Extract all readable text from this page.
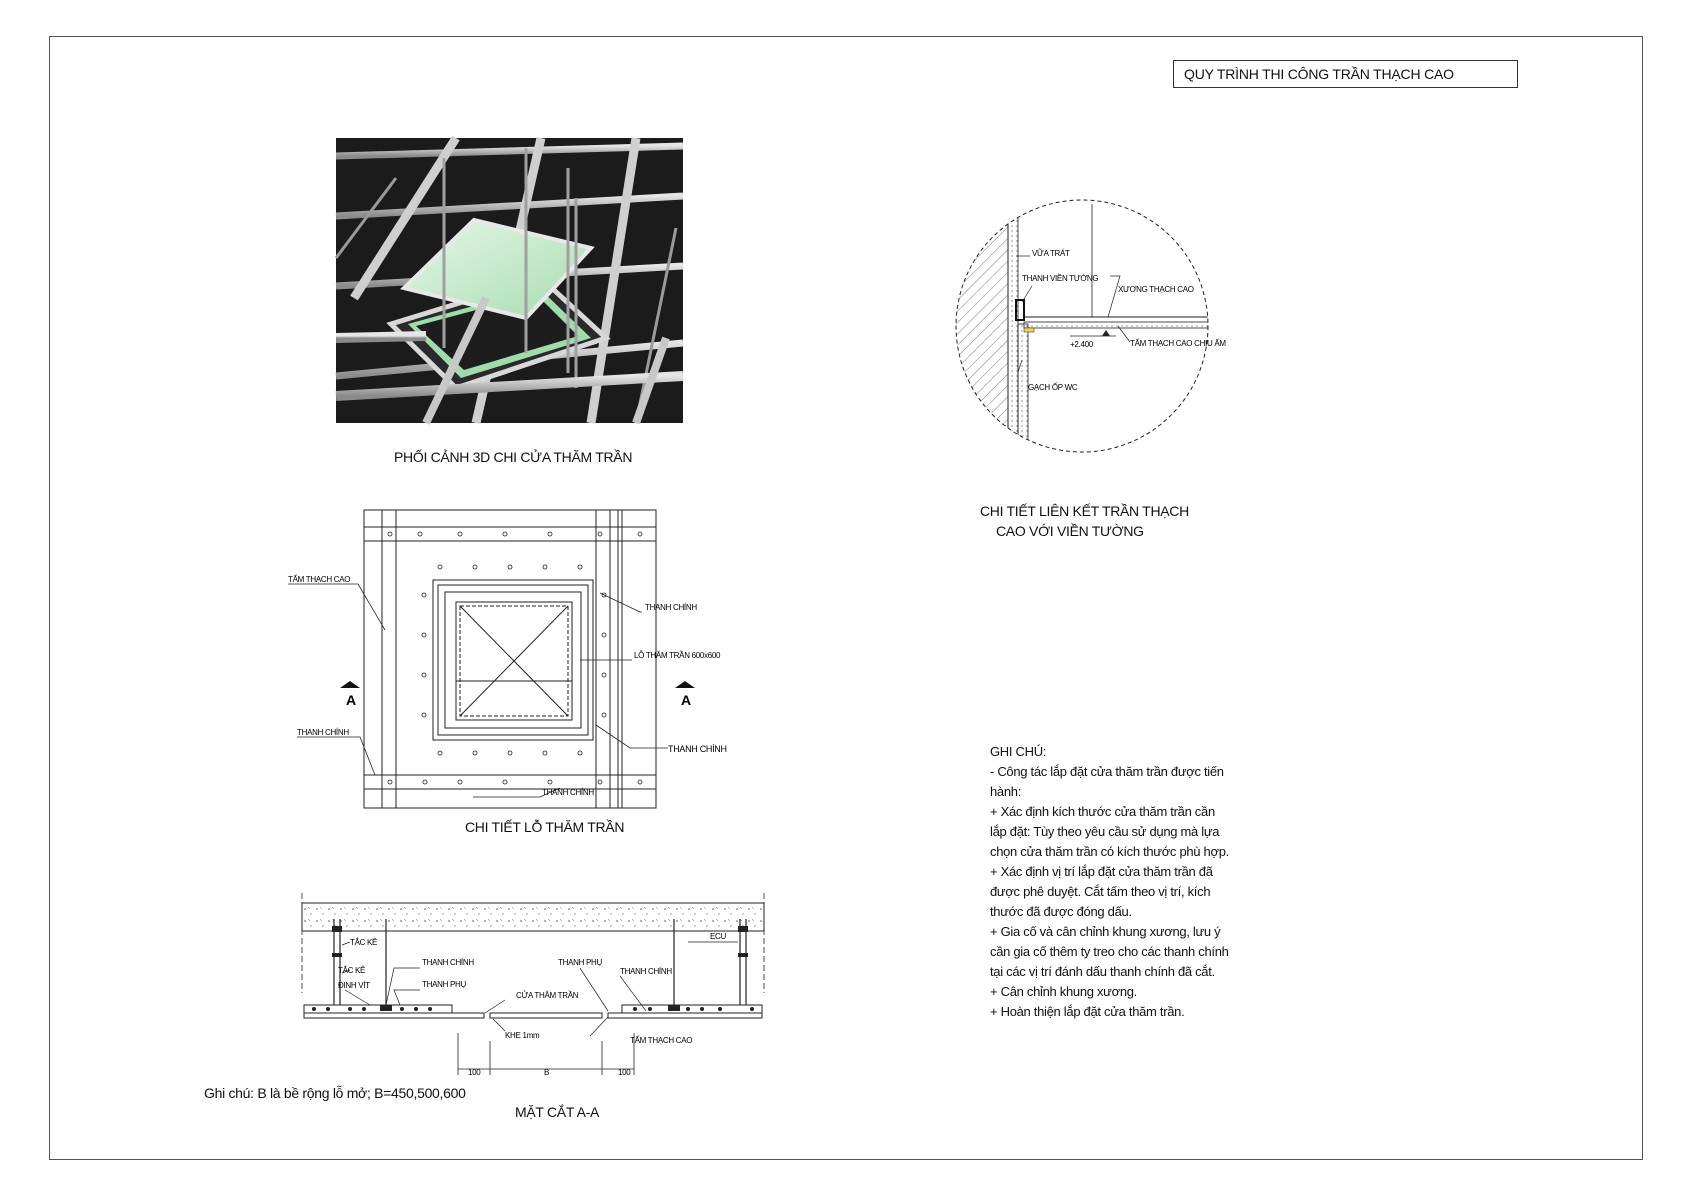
QUY TRÌNH THI CÔNG TRẦN THẠCH CAO
PHỐI CẢNH 3D CHI CỬA THĂM TRẦN
A	A
TẤM THẠCH CAO
THANH CHÍNH
LỖ THĂM TRẦN 600x600
THANH CHÍNH
THANH CHÍNH
THANH CHÍNH
CHI TIẾT LỖ THĂM TRẦN
100	B	100
TẮC KÊ
TẮC KÊ
ĐINH VÍT
THANH CHÍNH
THANH PHỤ
CỬA THĂM TRẦN
THANH PHỤ
THANH CHÍNH
ECU
KHE 1mm
TẤM THẠCH CAO
Ghi chú: B là bề rộng lỗ mở; B=450,500,600
MẶT CẮT A-A
+2.400
VỮA TRÁT
THANH VIỀN TƯỜNG
XƯƠNG THẠCH CAO
TẤM THẠCH CAO CHỊU ẨM
GẠCH ỐP WC
CHI TIẾT LIÊN KẾT TRẦN THẠCH
CAO VỚI VIỀN TƯỜNG
GHI CHÚ:
- Công tác lắp đặt cửa thăm trần được tiến hành:
+ Xác định kích thước cửa thăm trần cần lắp đặt: Tùy theo yêu cầu sử dụng mà lựa chọn cửa thăm trần có kích thước phù hợp.
+ Xác định vị trí lắp đặt cửa thăm trần đã được phê duyệt. Cắt tấm theo vị trí, kích thước đã được đóng dấu.
+ Gia cố và cân chỉnh khung xương, lưu ý cần gia cố thêm ty treo cho các thanh chính tại các vị trí đánh dấu thanh chính đã cắt.
+ Cân chỉnh khung xương.
+ Hoàn thiện lắp đặt cửa thăm trần.
